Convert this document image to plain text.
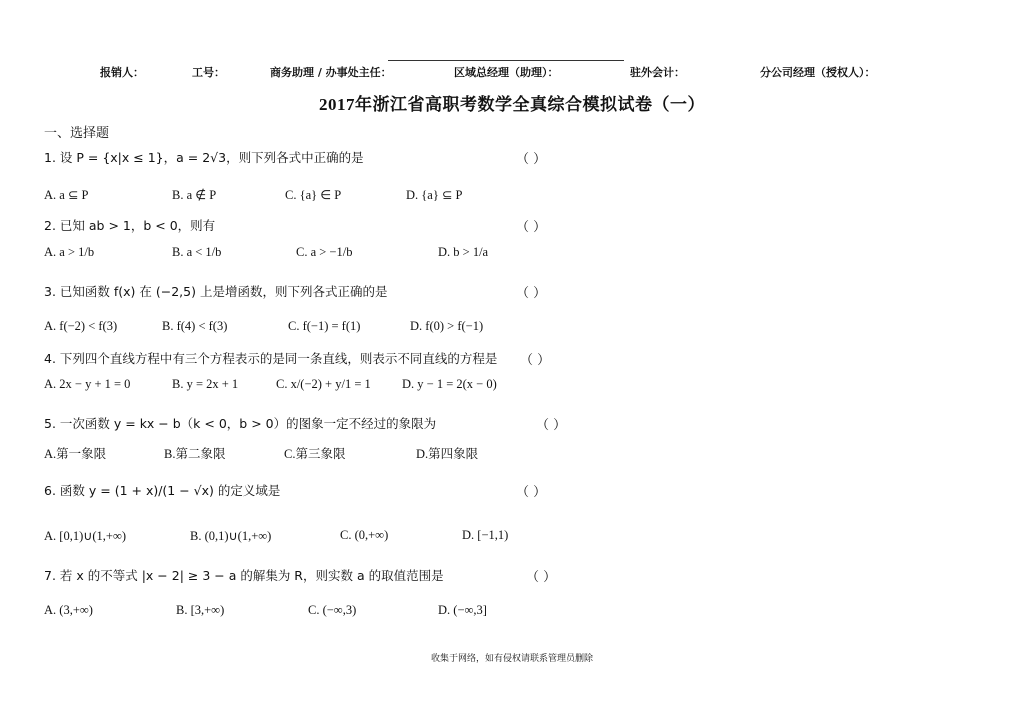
报销人：	工号：	商务助理 / 办事处主任：	区域总经理（助理）：	驻外会计：	分公司经理（授权人）：
2017年浙江省高职考数学全真综合模拟试卷（一）
一、选择题
1. 设 P = {x|x ≤ 1}，a = 2√3，则下列各式中正确的是	（ ）
A. a ⊆ P	B. a ∉ P	C. {a} ∈ P	D. {a} ⊆ P
2. 已知 ab > 1，b < 0，则有	（ ）
A. a > 1/b	B. a < 1/b	C. a > −1/b	D. b > 1/a
3. 已知函数 f(x) 在 (−2,5) 上是增函数，则下列各式正确的是	（ ）
A. f(−2) < f(3)	B. f(4) < f(3)	C. f(−1) = f(1)	D. f(0) > f(−1)
4. 下列四个直线方程中有三个方程表示的是同一条直线，则表示不同直线的方程是 （ ）
A. 2x − y + 1 = 0	B. y = 2x + 1	C. x/(−2) + y/1 = 1 D. y − 1 = 2(x − 0)
5. 一次函数 y = kx − b（k < 0，b > 0）的图象一定不经过的象限为	（ ）
A.第一象限	B.第二象限	C.第三象限	D.第四象限
6. 函数 y = (1 + x)/(1 − √x) 的定义域是	（ ）
A. [0,1)∪(1,+∞)	B. (0,1)∪(1,+∞)	C. (0,+∞)	D. [−1,1)
7. 若 x 的不等式 |x − 2| ≥ 3 − a 的解集为 R，则实数 a 的取值范围是	（ ）
A. (3,+∞)	B. [3,+∞)	C. (−∞,3)	D. (−∞,3]
收集于网络，如有侵权请联系管理员删除
